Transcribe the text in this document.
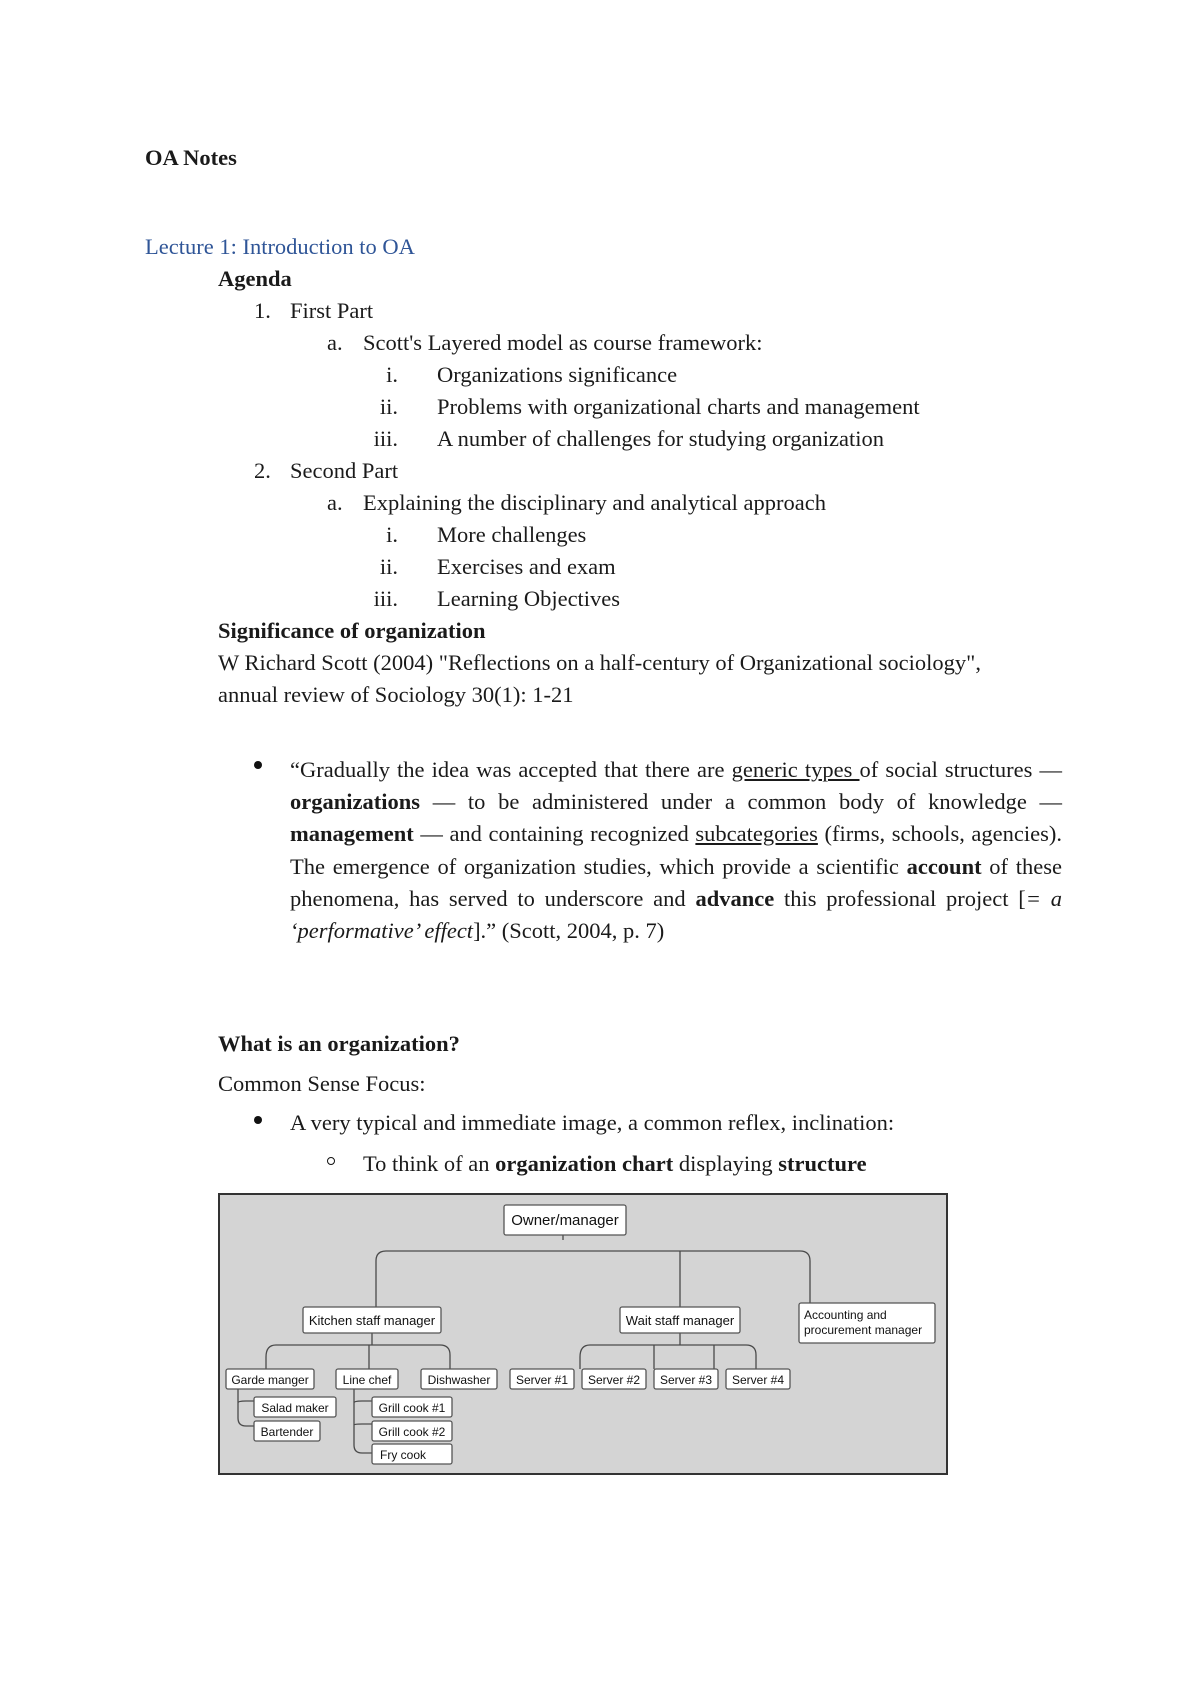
OA Notes
Lecture 1: Introduction to OA
Agenda
1. First Part
a. Scott's Layered model as course framework:
i. Organizations significance
ii. Problems with organizational charts and management
iii. A number of challenges for studying organization
2. Second Part
a. Explaining the disciplinary and analytical approach
i. More challenges
ii. Exercises and exam
iii. Learning Objectives
Significance of organization
W Richard Scott (2004) "Reflections on a half-century of Organizational sociology",
annual review of Sociology 30(1): 1-21
“Gradually the idea was accepted that there are generic types of social structures — organizations — to be administered under a common body of knowledge — management — and containing recognized subcategories (firms, schools, agencies). The emergence of organization studies, which provide a scientific account of these phenomena, has served to underscore and advance this professional project [= a ‘performative’ effect].” (Scott, 2004, p. 7)
What is an organization?
Common Sense Focus:
A very typical and immediate image, a common reflex, inclination:
To think of an organization chart displaying structure
Owner/manager
Kitchen staff manager	Wait staff manager	Accounting and
procurement manager
Garde manger	Line chef	Dishwasher Server #1 Server #2 Server #3 Server #4
Salad maker
Bartender
Grill cook #1
Grill cook #2
Fry cook
